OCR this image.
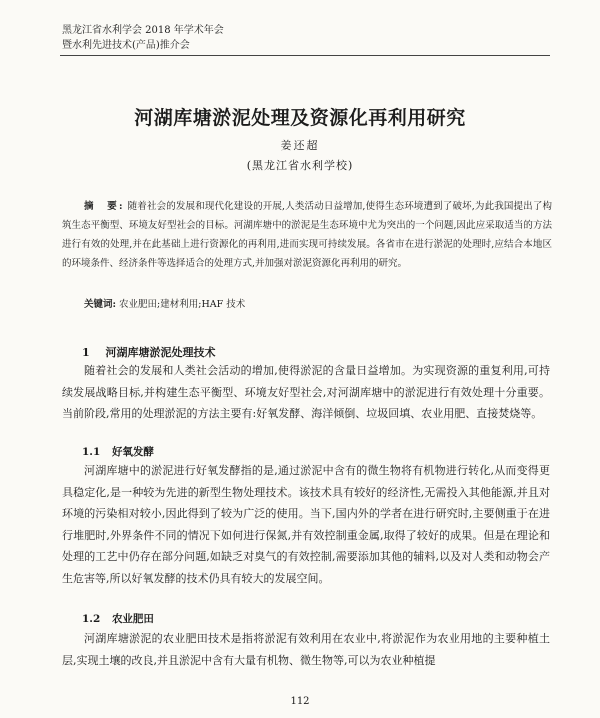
黑龙江省水利学会 2018 年学术年会
暨水利先进技术(产品)推介会
河湖库塘淤泥处理及资源化再利用研究
姜还超
(黑龙江省水利学校)
摘　要: 随着社会的发展和现代化建设的开展,人类活动日益增加,使得生态环境遭到了破坏,为此我国提出了构筑生态平衡型、环境友好型社会的目标。河湖库塘中的淤泥是生态环境中尤为突出的一个问题,因此应采取适当的方法进行有效的处理,并在此基础上进行资源化的再利用,进而实现可持续发展。各省市在进行淤泥的处理时,应结合本地区的环境条件、经济条件等选择适合的处理方式,并加强对淤泥资源化再利用的研究。
关键词: 农业肥田;建材利用;HAF 技术
1 河湖库塘淤泥处理技术
随着社会的发展和人类社会活动的增加,使得淤泥的含量日益增加。为实现资源的重复利用,可持续发展战略目标,并构建生态平衡型、环境友好型社会,对河湖库塘中的淤泥进行有效处理十分重要。当前阶段,常用的处理淤泥的方法主要有:好氧发酵、海洋倾倒、垃圾回填、农业用肥、直接焚烧等。
1.1 好氧发酵
河湖库塘中的淤泥进行好氧发酵指的是,通过淤泥中含有的微生物将有机物进行转化,从而变得更具稳定化,是一种较为先进的新型生物处理技术。该技术具有较好的经济性,无需投入其他能源,并且对环境的污染相对较小,因此得到了较为广泛的使用。当下,国内外的学者在进行研究时,主要侧重于在进行堆肥时,外界条件不同的情况下如何进行保氮,并有效控制重金属,取得了较好的成果。但是在理论和处理的工艺中仍存在部分问题,如缺乏对臭气的有效控制,需要添加其他的辅料,以及对人类和动物会产生危害等,所以好氧发酵的技术仍具有较大的发展空间。
1.2 农业肥田
河湖库塘淤泥的农业肥田技术是指将淤泥有效利用在农业中,将淤泥作为农业用地的主要种植土层,实现土壤的改良,并且淤泥中含有大量有机物、微生物等,可以为农业种植提
112
